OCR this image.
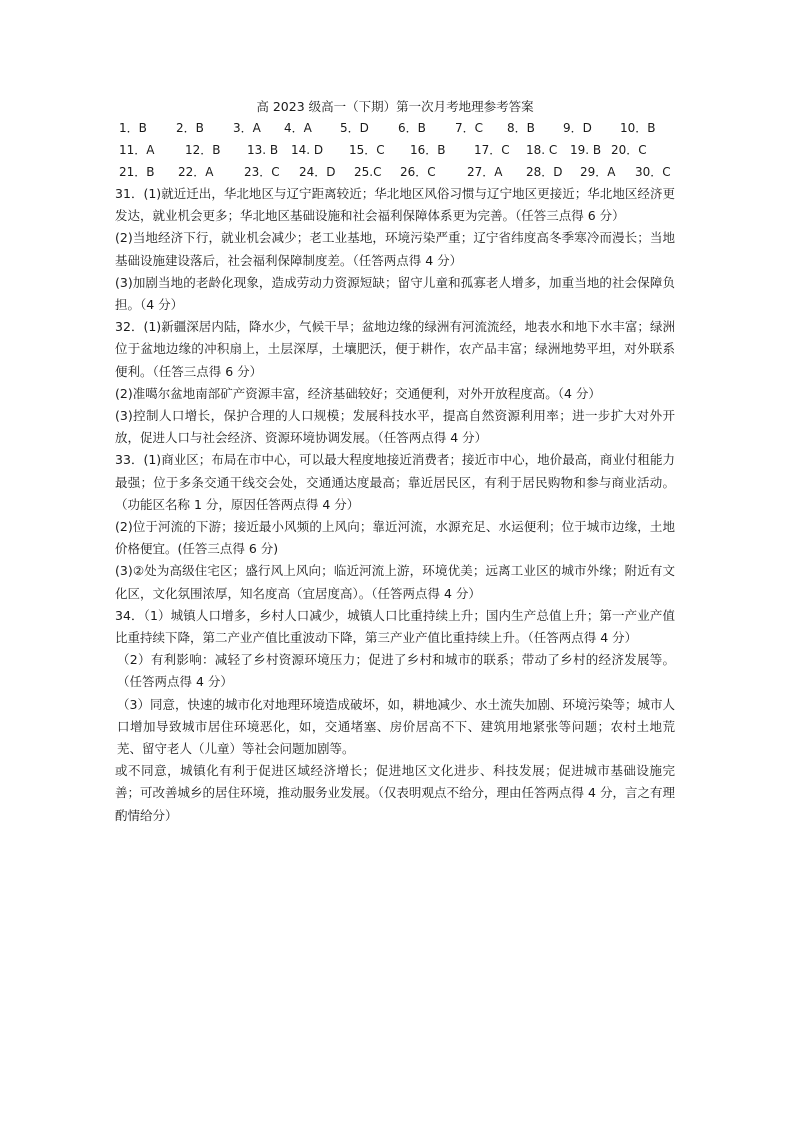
高 2023 级高一（下期）第一次月考地理参考答案
1．B 2．B 3．A 4．A 5．D 6．B 7．C 8．B 9．D 10．B
11．A	12．B 13. B 14. D 15．C 16．B 17．C 18. C 19. B 20．C
21．B 22．A	23．C 24．D 25.C 26．C	27．A 28．D 29．A 30．C

31．(1)就近迁出，华北地区与辽宁距离较近；华北地区风俗习惯与辽宁地区更接近；华北地区经济更发达，就业机会更多；华北地区基础设施和社会福利保障体系更为完善。（任答三点得 6 分）

(2)当地经济下行，就业机会减少；老工业基地，环境污染严重；辽宁省纬度高冬季寒冷而漫长；当地基础设施建设落后，社会福利保障制度差。（任答两点得 4 分）

(3)加剧当地的老龄化现象，造成劳动力资源短缺；留守儿童和孤寡老人增多，加重当地的社会保障负担。（4 分）

32．(1)新疆深居内陆，降水少，气候干旱；盆地边缘的绿洲有河流流经，地表水和地下水丰富；绿洲位于盆地边缘的冲积扇上，土层深厚，土壤肥沃，便于耕作，农产品丰富；绿洲地势平坦，对外联系便利。（任答三点得 6 分）

(2)准噶尔盆地南部矿产资源丰富，经济基础较好；交通便利，对外开放程度高。（4 分）

(3)控制人口增长，保护合理的人口规模；发展科技水平，提高自然资源利用率；进一步扩大对外开放，促进人口与社会经济、资源环境协调发展。（任答两点得 4 分）

33．(1)商业区；布局在市中心，可以最大程度地接近消费者；接近市中心，地价最高，商业付租能力最强；位于多条交通干线交会处，交通通达度最高；靠近居民区，有利于居民购物和参与商业活动。（功能区名称 1 分，原因任答两点得 4 分）

(2)位于河流的下游；接近最小风频的上风向；靠近河流，水源充足、水运便利；位于城市边缘，土地价格便宜。(任答三点得 6 分)

(3)②处为高级住宅区；盛行风上风向；临近河流上游，环境优美；远离工业区的城市外缘；附近有文化区，文化氛围浓厚，知名度高（宜居度高）。（任答两点得 4 分）

34．（1）城镇人口增多，乡村人口减少，城镇人口比重持续上升；国内生产总值上升；第一产业产值比重持续下降，第二产业产值比重波动下降，第三产业产值比重持续上升。（任答两点得 4 分）

（2）有利影响：减轻了乡村资源环境压力；促进了乡村和城市的联系；带动了乡村的经济发展等。（任答两点得 4 分）

（3）同意，快速的城市化对地理环境造成破坏，如，耕地减少、水土流失加剧、环境污染等；城市人口增加导致城市居住环境恶化，如，交通堵塞、房价居高不下、建筑用地紧张等问题；农村土地荒芜、留守老人（儿童）等社会问题加剧等。

或不同意，城镇化有利于促进区域经济增长；促进地区文化进步、科技发展；促进城市基础设施完善；可改善城乡的居住环境，推动服务业发展。（仅表明观点不给分，理由任答两点得 4 分，言之有理酌情给分）
